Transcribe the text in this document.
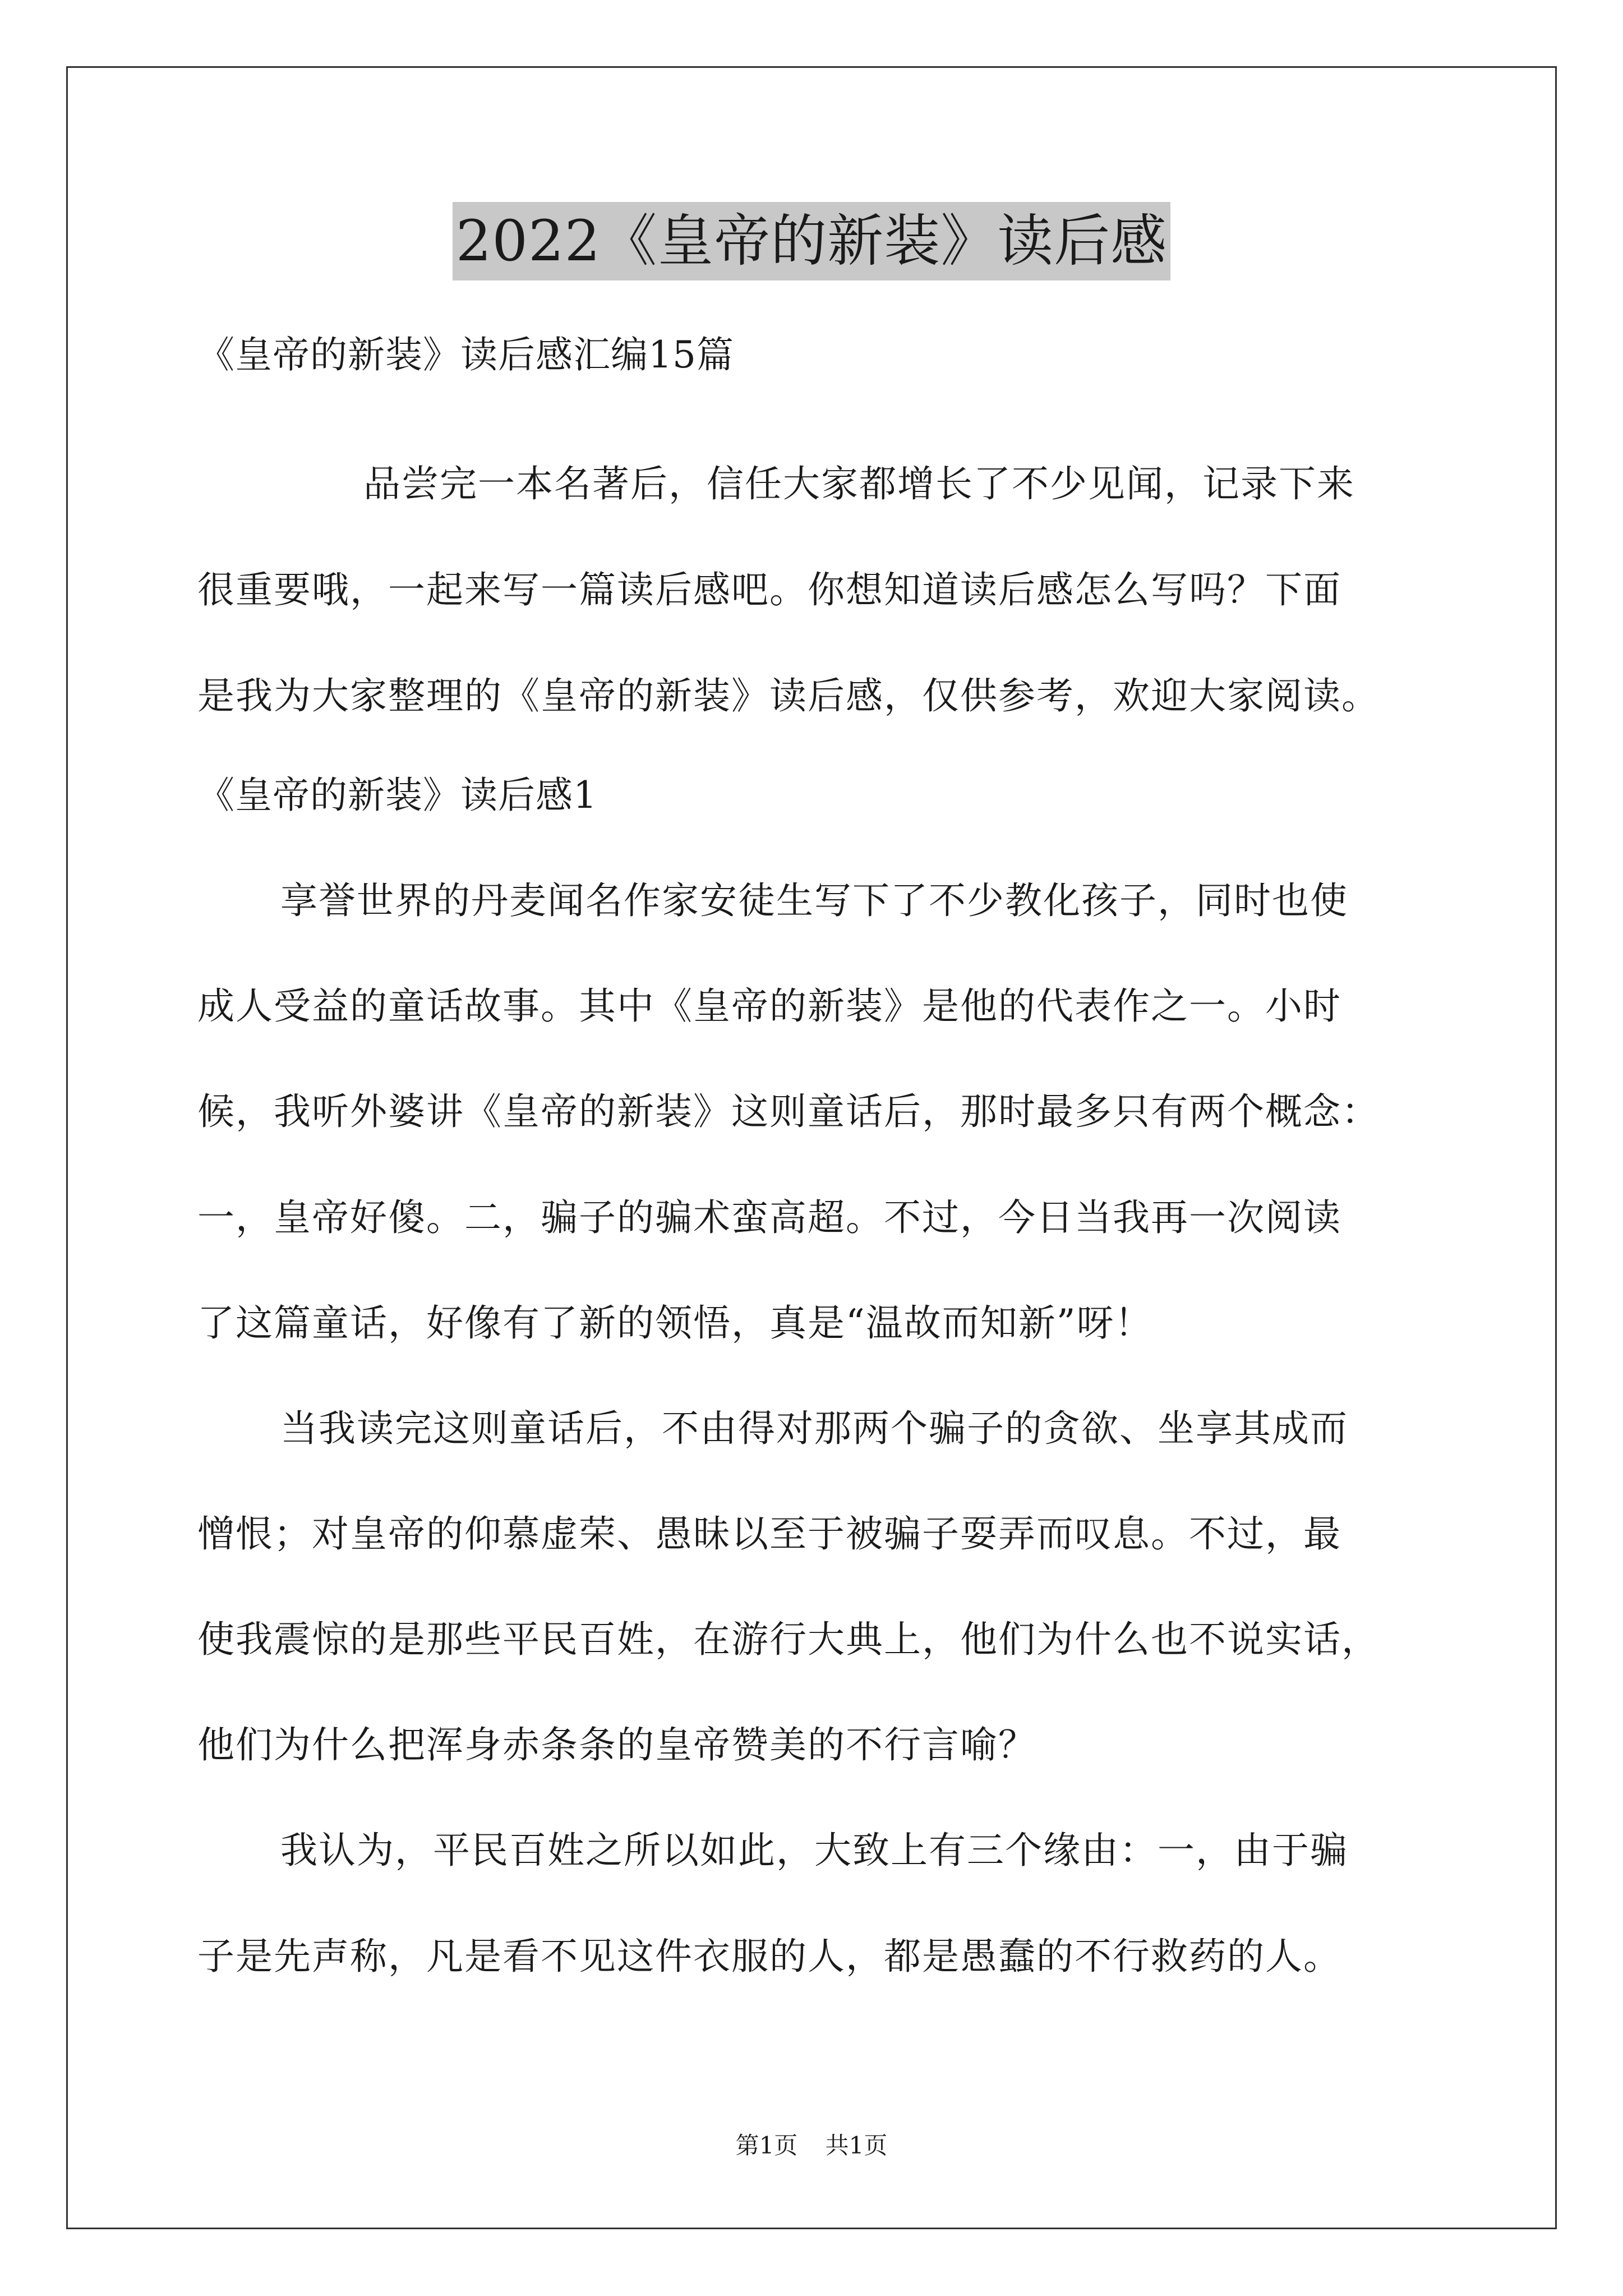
2022《皇帝的新装》读后感
《皇帝的新装》读后感汇编15篇
品尝完一本名著后，信任大家都增长了不少见闻，记录下来
很重要哦，一起来写一篇读后感吧。你想知道读后感怎么写吗？下面
是我为大家整理的《皇帝的新装》读后感，仅供参考，欢迎大家阅读。
《皇帝的新装》读后感1
享誉世界的丹麦闻名作家安徒生写下了不少教化孩子，同时也使
成人受益的童话故事。其中《皇帝的新装》是他的代表作之一。小时
候，我听外婆讲《皇帝的新装》这则童话后，那时最多只有两个概念：
一，皇帝好傻。二，骗子的骗术蛮高超。不过，今日当我再一次阅读
了这篇童话，好像有了新的领悟，真是“温故而知新”呀！
当我读完这则童话后，不由得对那两个骗子的贪欲、坐享其成而
憎恨；对皇帝的仰慕虚荣、愚昧以至于被骗子耍弄而叹息。不过，最
使我震惊的是那些平民百姓，在游行大典上，他们为什么也不说实话，
他们为什么把浑身赤条条的皇帝赞美的不行言喻？
我认为，平民百姓之所以如此，大致上有三个缘由：一，由于骗
子是先声称，凡是看不见这件衣服的人，都是愚蠢的不行救药的人。
第1页 共1页
